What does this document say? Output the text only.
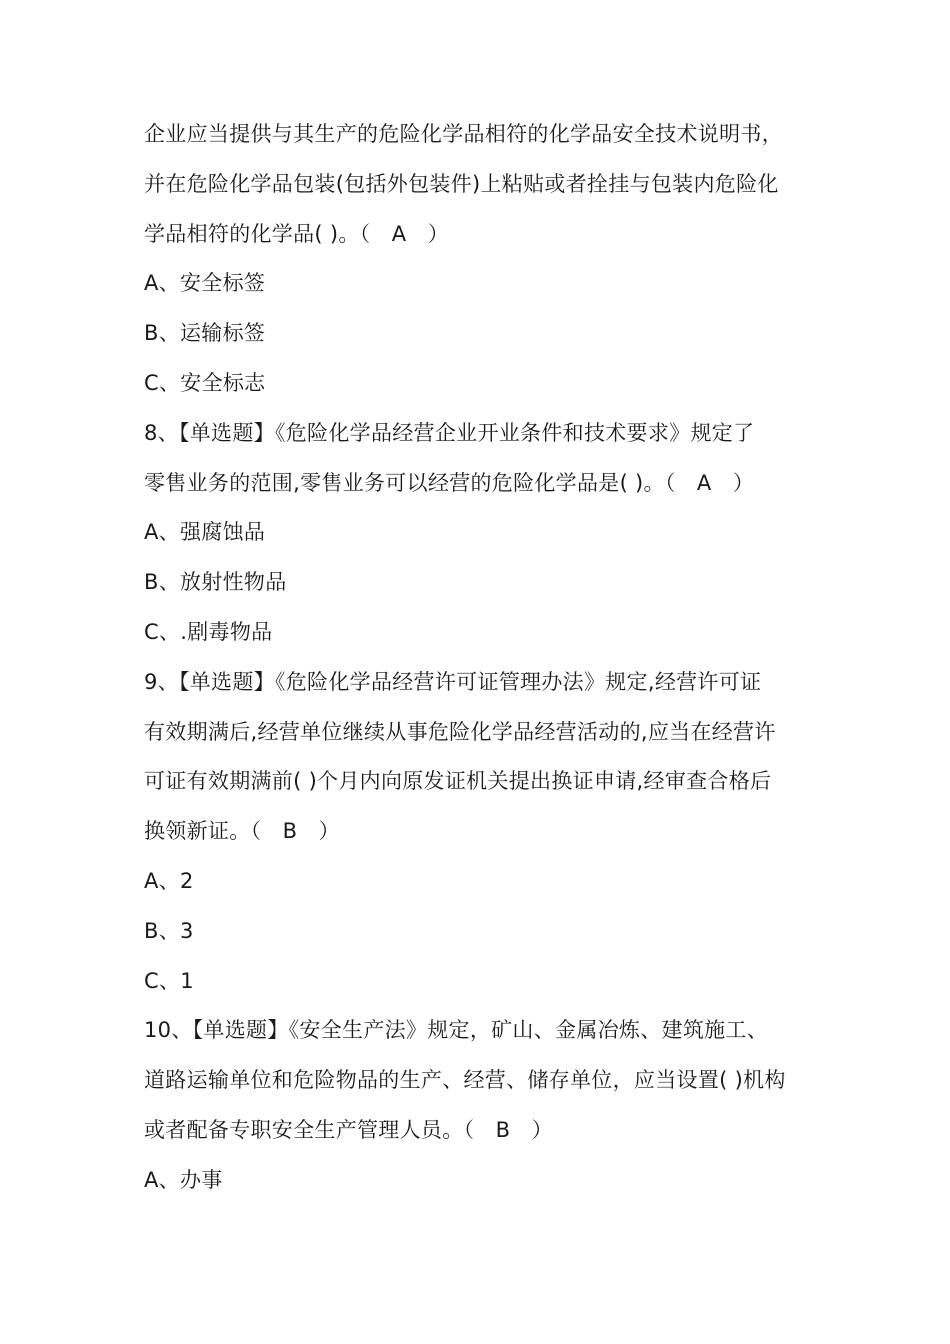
企业应当提供与其生产的危险化学品相符的化学品安全技术说明书，
并在危险化学品包装(包括外包装件)上粘贴或者拴挂与包装内危险化
学品相符的化学品( )。（　A　）
A、安全标签
B、运输标签
C、安全标志
8、【单选题】《危险化学品经营企业开业条件和技术要求》规定了
零售业务的范围,零售业务可以经营的危险化学品是( )。（　A　）
A、强腐蚀品
B、放射性物品
C、.剧毒物品
9、【单选题】《危险化学品经营许可证管理办法》规定,经营许可证
有效期满后,经营单位继续从事危险化学品经营活动的,应当在经营许
可证有效期满前( )个月内向原发证机关提出换证申请,经审查合格后
换领新证。（　B　）
A、2
B、3
C、1
10、【单选题】《安全生产法》规定，矿山、金属冶炼、建筑施工、
道路运输单位和危险物品的生产、经营、储存单位，应当设置( )机构
或者配备专职安全生产管理人员。（　B　）
A、办事
